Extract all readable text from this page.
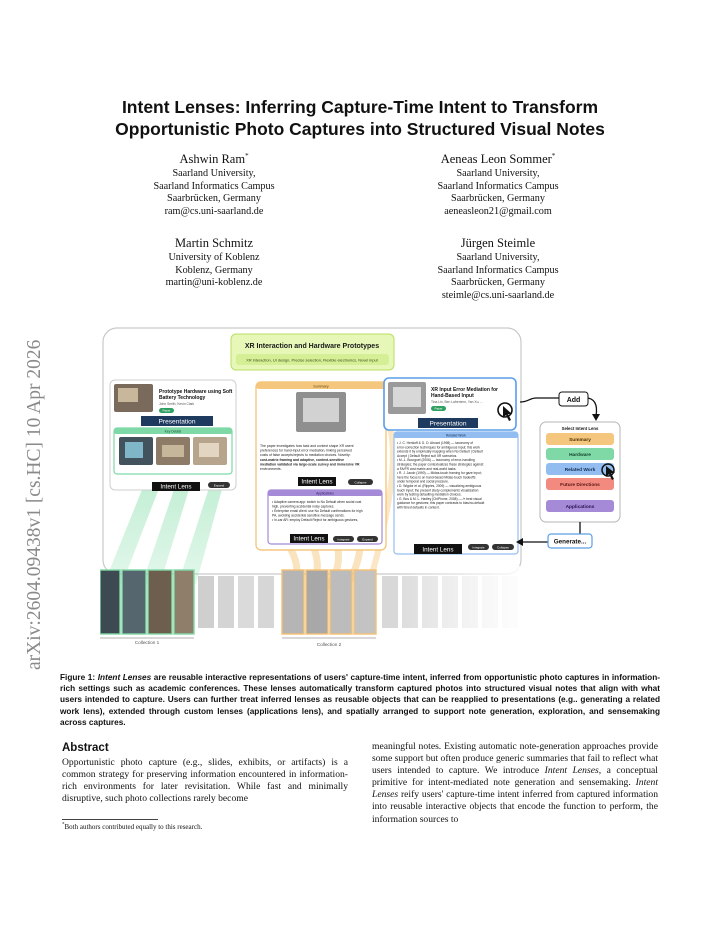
arXiv:2604.09438v1 [cs.HC] 10 Apr 2026
Intent Lenses: Inferring Capture-Time Intent to Transform
Opportunistic Photo Captures into Structured Visual Notes
Ashwin Ram*
Saarland University,
Saarland Informatics Campus
Saarbrücken, Germany
ram@cs.uni-saarland.de
Aeneas Leon Sommer*
Saarland University,
Saarland Informatics Campus
Saarbrücken, Germany
aeneasleon21@gmail.com
Martin Schmitz
University of Koblenz
Koblenz, Germany
martin@uni-koblenz.de
Jürgen Steimle
Saarland University,
Saarland Informatics Campus
Saarbrücken, Germany
steimle@cs.uni-saarland.de
XR Interaction and Hardware Prototypes
XR interaction, UI design, Precise selection, Flexible electronics, Novel input
Prototype Hardware using Soft
Battery Technology
John Smith, Kevin Clark
Paper
Presentation
Key Details
Intent Lens	Expand
Summary
The paper investigates how task and context shape XR users'
preferences for hand-input error mediation, linking perceived
costs of false accepts/rejects to mediation choices. Novelty:
cost-matrix framing and adaptive, context-sensitive
mediation validated via large-scale survey and immersive VR
environments.
Intent Lens	Collapse
Applications
• Adaptive camera app: switch to No Default when social cost
high, preventing accidental noisy captures.
• Enterprise email client: use No Default confirmations for high
PA, avoiding accidental sensitive message sends.
• In-car AR: employ Default Reject for ambiguous gestures,
Intent Lens	Integrate	Expand
XR Input Error Mediation for
Hand-Based Input
Tina Lin, Ben Lafreniere, Yan Xu, ...
Paper
Presentation
Related Work
• J. C. Henkoff & G. D. Abowd (1998) — taxonomy of
error-correction techniques for ambiguous input; this work
extends it by empirically mapping when No Default | Default
Accept | Default Reject suit XR scenarios.
• M.-L. Bourguet (2006) — taxonomy of error-handling
strategies; the paper contextualizes these strategies against
a FA/FR cost matrix and real-world tasks.
• R. J. Jacob (1990) — Midas-touch framing for gaze input;
here the focus is on hand-based Midas-touch tradeoffs
under temporal and social pressure.
• D. Wigdor et al. (Ripples, 2009) — visualizing ambiguous
touch input; the present study complements visualization
work by testing defaulting mediation choices.
• G. Bos & M. L. Hadley (ChiPhone, 2008) — /» best visual
guidance for gestures; this paper contrasts to bias/no-default
with timed defaults in context.
Intent Lens	Integrate	Collapse
Add
Select Intent Lens
Summary
Hardware
Related Work
Future Directions
Applications
Generate...
Collection 1	Collection 2
Figure 1: Intent Lenses are reusable interactive representations of users' capture-time intent, inferred from opportunistic photo captures in information-rich settings such as academic conferences. These lenses automatically transform captured photos into structured visual notes that align with what users intended to capture. Users can further treat inferred lenses as reusable objects that can be reapplied to presentations (e.g.. generating a related work lens), extended through custom lenses (applications lens), and spatially arranged to support note generation, exploration, and sensemaking across captures.
Abstract

Opportunistic photo capture (e.g., slides, exhibits, or artifacts) is a common strategy for preserving information encountered in information-rich environments for later revisitation. While fast and minimally disruptive, such photo collections rarely become

meaningful notes. Existing automatic note-generation approaches provide some support but often produce generic summaries that fail to reflect what users intended to capture. We introduce Intent Lenses, a conceptual primitive for intent-mediated note generation and sensemaking. Intent Lenses reify users' capture-time intent inferred from captured information into reusable interactive objects that encode the function to perform, the information sources to

*Both authors contributed equally to this research.
